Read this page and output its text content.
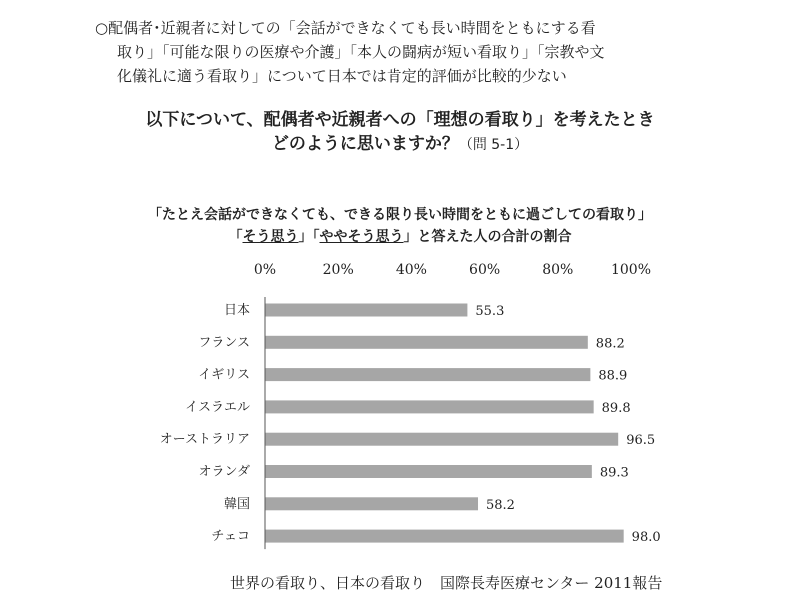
○配偶者･近親者に対しての「会話ができなくても長い時間をともにする看
取り」「可能な限りの医療や介護」「本人の闘病が短い看取り」「宗教や文
化儀礼に適う看取り」について日本では肯定的評価が比較的少ない
以下について、配偶者や近親者への「理想の看取り」を考えたとき
どのように思いますか？（問 5-1）
「たとえ会話ができなくても、できる限り長い時間をともに過ごしての看取り」
「そう思う」「ややそう思う」と答えた人の合計の割合
0%	20%	40%	60%	80%	100%
日本	55.3
フランス	88.2
イギリス	88.9
イスラエル	89.8
オーストラリア	96.5
オランダ	89.3
韓国	58.2
チェコ	98.0
世界の看取り、日本の看取り　国際長寿医療センター 2011報告
